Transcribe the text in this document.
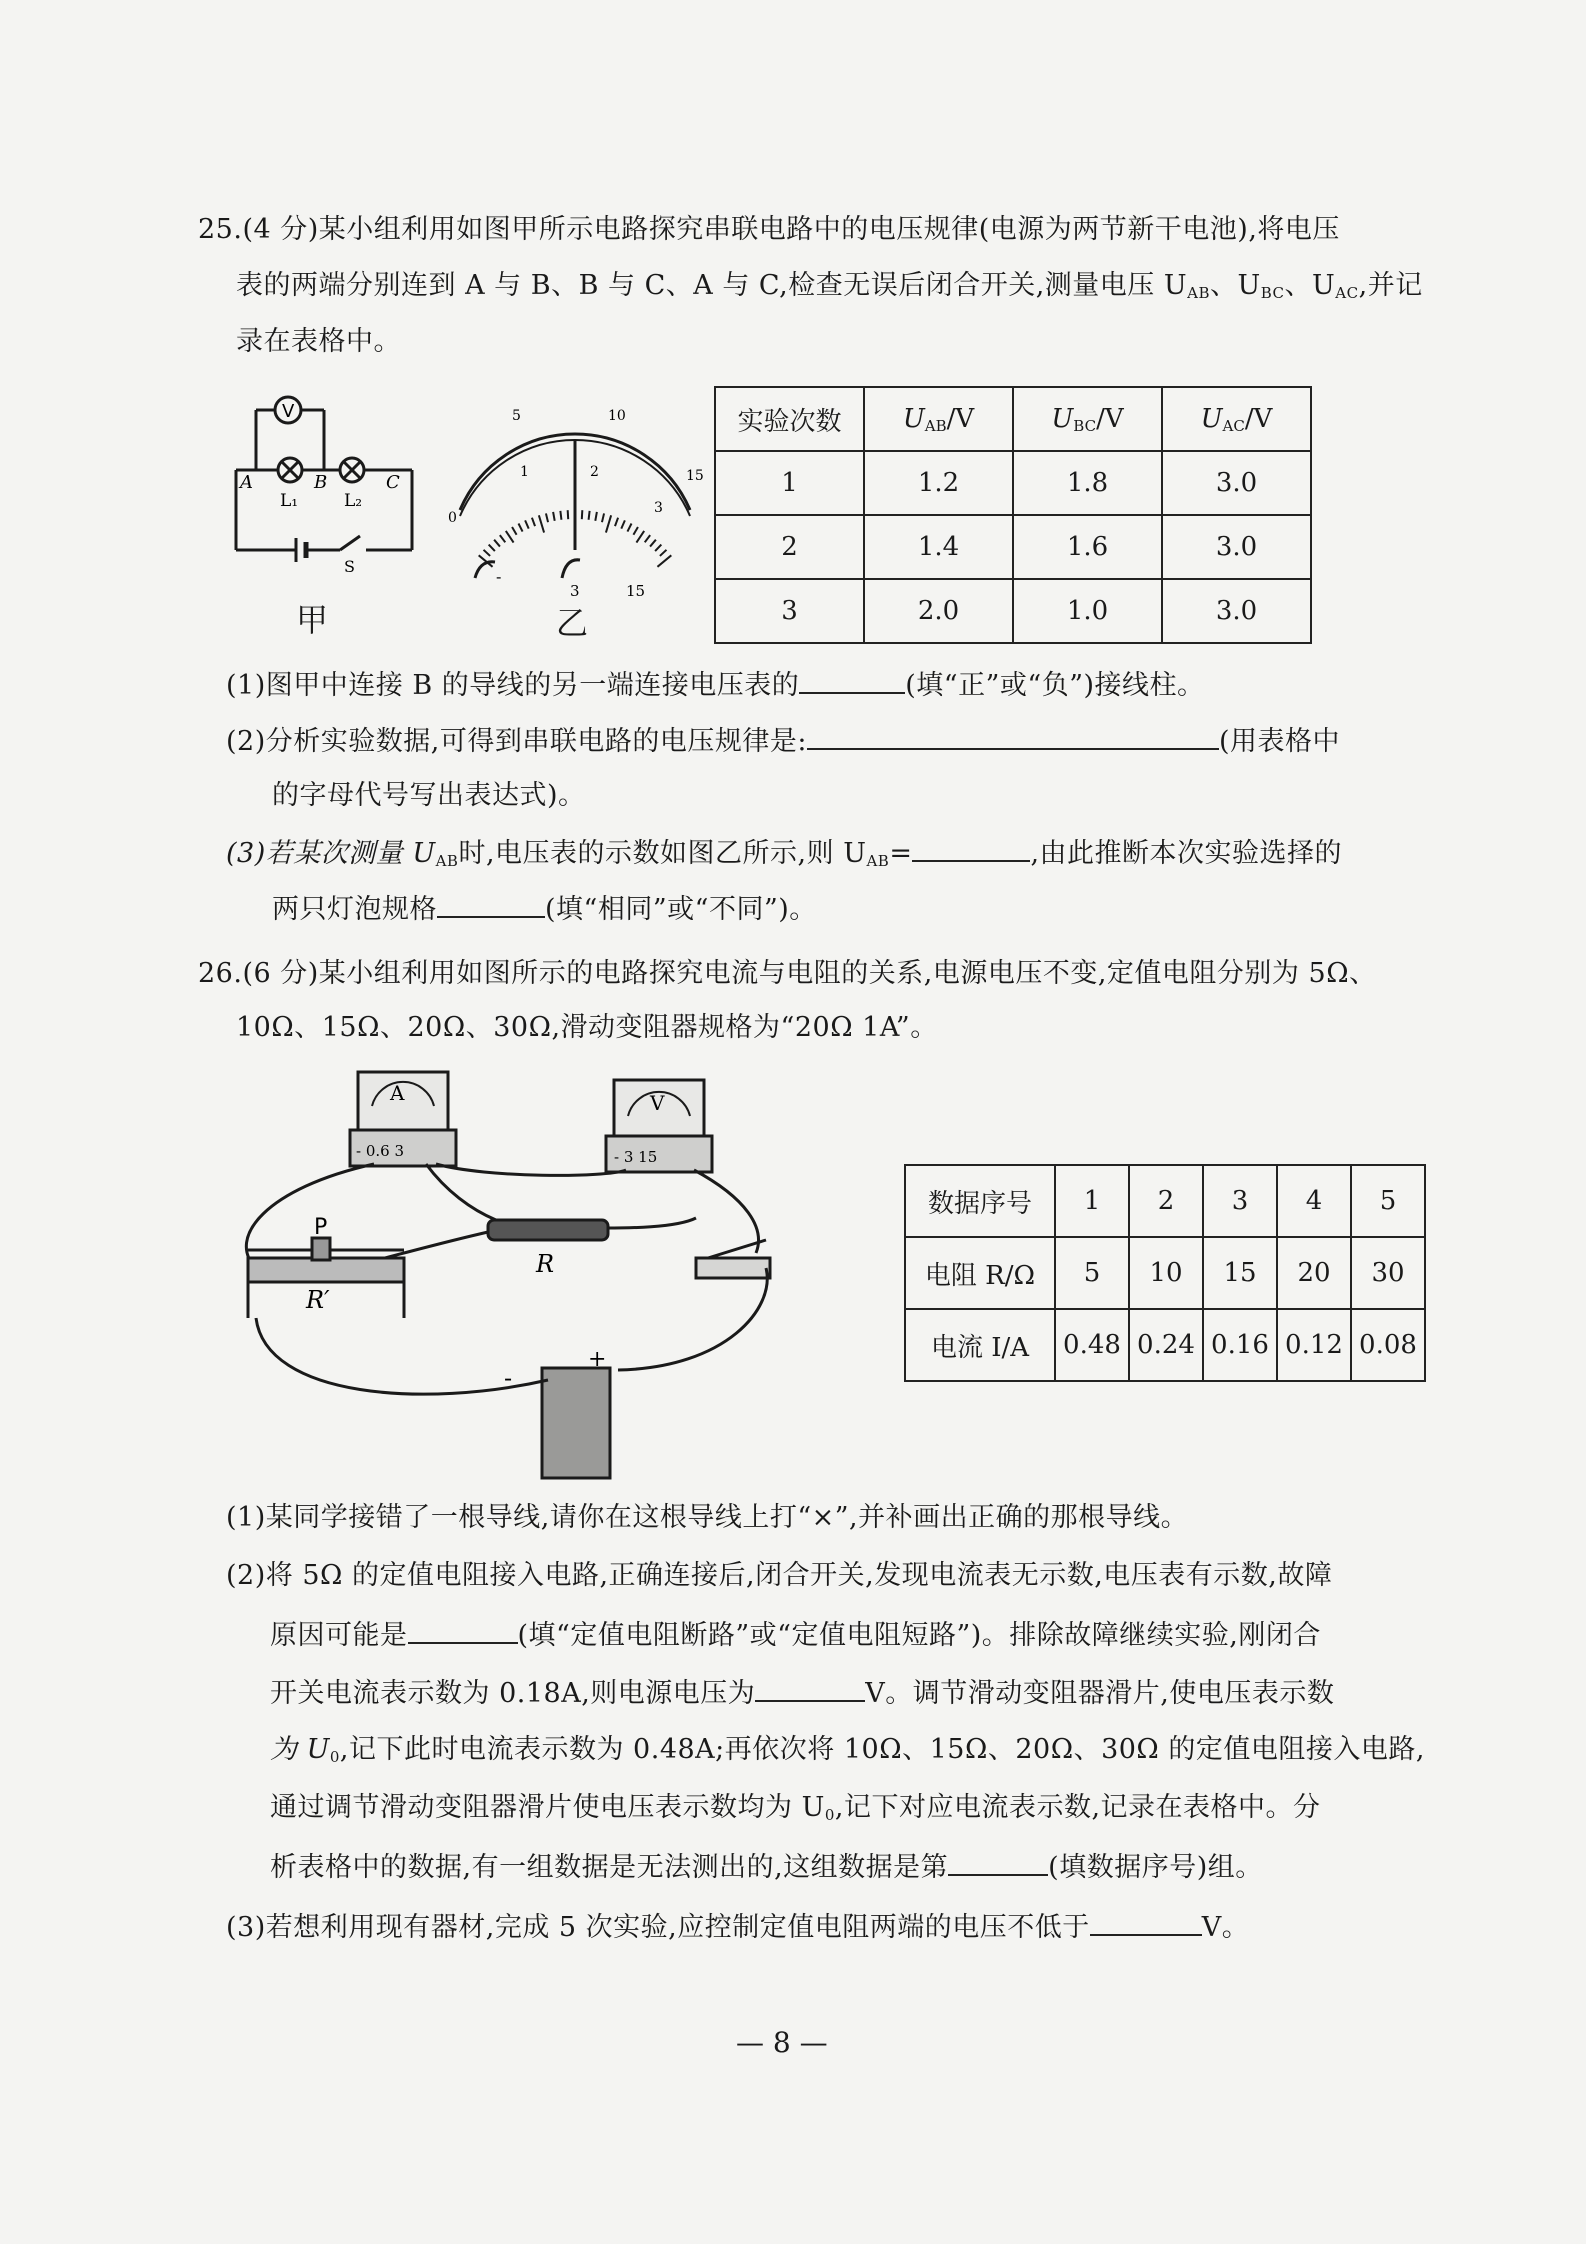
25.(4 分)某小组利用如图甲所示电路探究串联电路中的电压规律(电源为两节新干电池),将电压
表的两端分别连到 A 与 B、B 与 C、A 与 C,检查无误后闭合开关,测量电压 $U_{AB}$、$U_{BC}$、$U_{AC}$,并记
录在表格中。
V
A	B	C
L₁	L₂
S
甲
0
5	10
15
1	2
3
-
3	15
乙
实验次数	$U_{AB}/V$	$U_{BC}/V$	$U_{AC}/V$
1	1.2	1.8	3.0
2	1.4	1.6	3.0
3	2.0	1.0	3.0
(1)图甲中连接 B 的导线的另一端连接电压表的	(填“正”或“负”)接线柱。
(2)分析实验数据,可得到串联电路的电压规律是:	(用表格中
的字母代号写出表达式)。
(3)若某次测量 $U_{AB}$时,电压表的示数如图乙所示,则 $U_{AB}=$	,由此推断本次实验选择的
两只灯泡规格	(填“相同”或“不同”)。
26.(6 分)某小组利用如图所示的电路探究电流与电阻的关系,电源电压不变,定值电阻分别为 5Ω、
10Ω、15Ω、20Ω、30Ω,滑动变阻器规格为“20Ω 1A”。
A	V
- 0.6 3	- 3 15
P
R′
R
-
+
数据序号	1	2	3	4	5
电阻 R/Ω	5	10	15	20	30
电流 I/A	0.48	0.24	0.16	0.12	0.08
(1)某同学接错了一根导线,请你在这根导线上打“×”,并补画出正确的那根导线。
(2)将 5Ω 的定值电阻接入电路,正确连接后,闭合开关,发现电流表无示数,电压表有示数,故障
原因可能是	(填“定值电阻断路”或“定值电阻短路”)。排除故障继续实验,刚闭合
开关电流表示数为 0.18A,则电源电压为	V。调节滑动变阻器滑片,使电压表示数
为 $U_0$,记下此时电流表示数为 0.48A;再依次将 10Ω、15Ω、20Ω、30Ω 的定值电阻接入电路,
通过调节滑动变阻器滑片使电压表示数均为 $U_0$,记下对应电流表示数,记录在表格中。分
析表格中的数据,有一组数据是无法测出的,这组数据是第	(填数据序号)组。
(3)若想利用现有器材,完成 5 次实验,应控制定值电阻两端的电压不低于	V。
— 8 —
